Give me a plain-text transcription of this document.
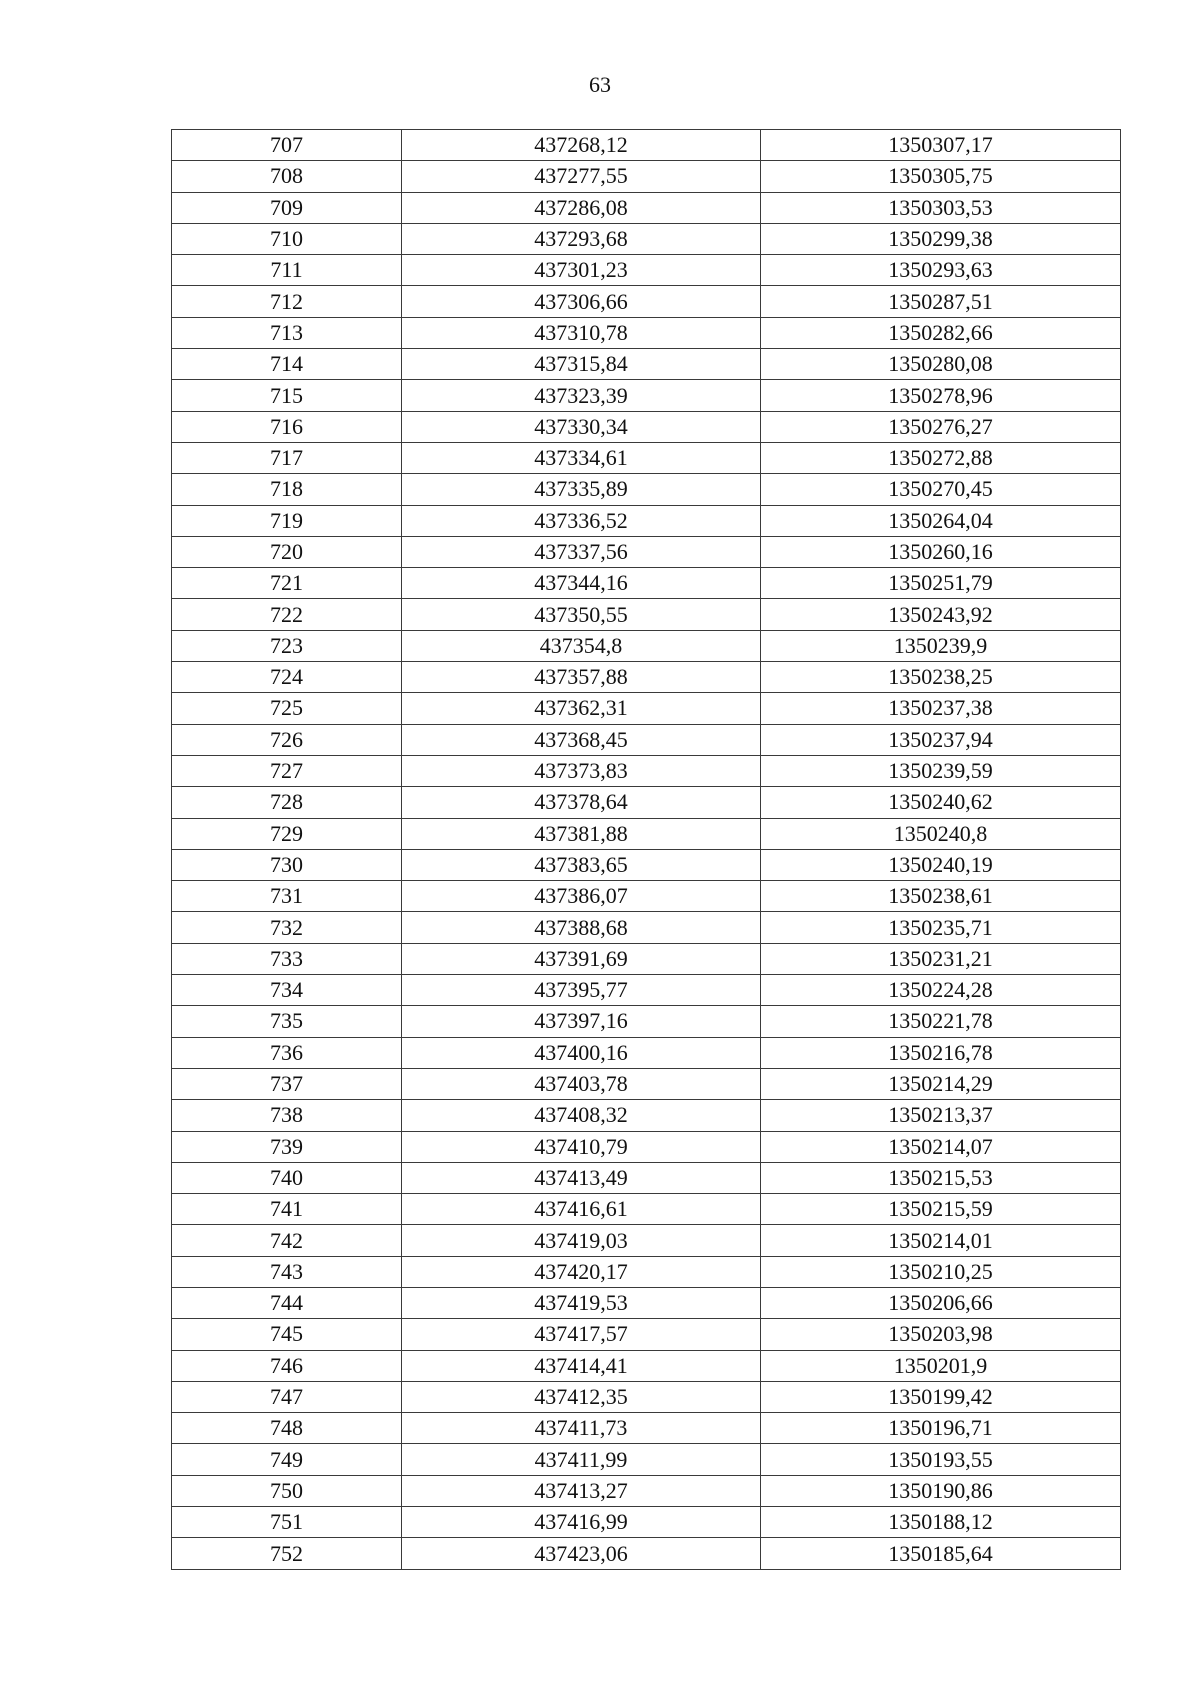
63
707	437268,12	1350307,17
708	437277,55	1350305,75
709	437286,08	1350303,53
710	437293,68	1350299,38
711	437301,23	1350293,63
712	437306,66	1350287,51
713	437310,78	1350282,66
714	437315,84	1350280,08
715	437323,39	1350278,96
716	437330,34	1350276,27
717	437334,61	1350272,88
718	437335,89	1350270,45
719	437336,52	1350264,04
720	437337,56	1350260,16
721	437344,16	1350251,79
722	437350,55	1350243,92
723	437354,8	1350239,9
724	437357,88	1350238,25
725	437362,31	1350237,38
726	437368,45	1350237,94
727	437373,83	1350239,59
728	437378,64	1350240,62
729	437381,88	1350240,8
730	437383,65	1350240,19
731	437386,07	1350238,61
732	437388,68	1350235,71
733	437391,69	1350231,21
734	437395,77	1350224,28
735	437397,16	1350221,78
736	437400,16	1350216,78
737	437403,78	1350214,29
738	437408,32	1350213,37
739	437410,79	1350214,07
740	437413,49	1350215,53
741	437416,61	1350215,59
742	437419,03	1350214,01
743	437420,17	1350210,25
744	437419,53	1350206,66
745	437417,57	1350203,98
746	437414,41	1350201,9
747	437412,35	1350199,42
748	437411,73	1350196,71
749	437411,99	1350193,55
750	437413,27	1350190,86
751	437416,99	1350188,12
752	437423,06	1350185,64
